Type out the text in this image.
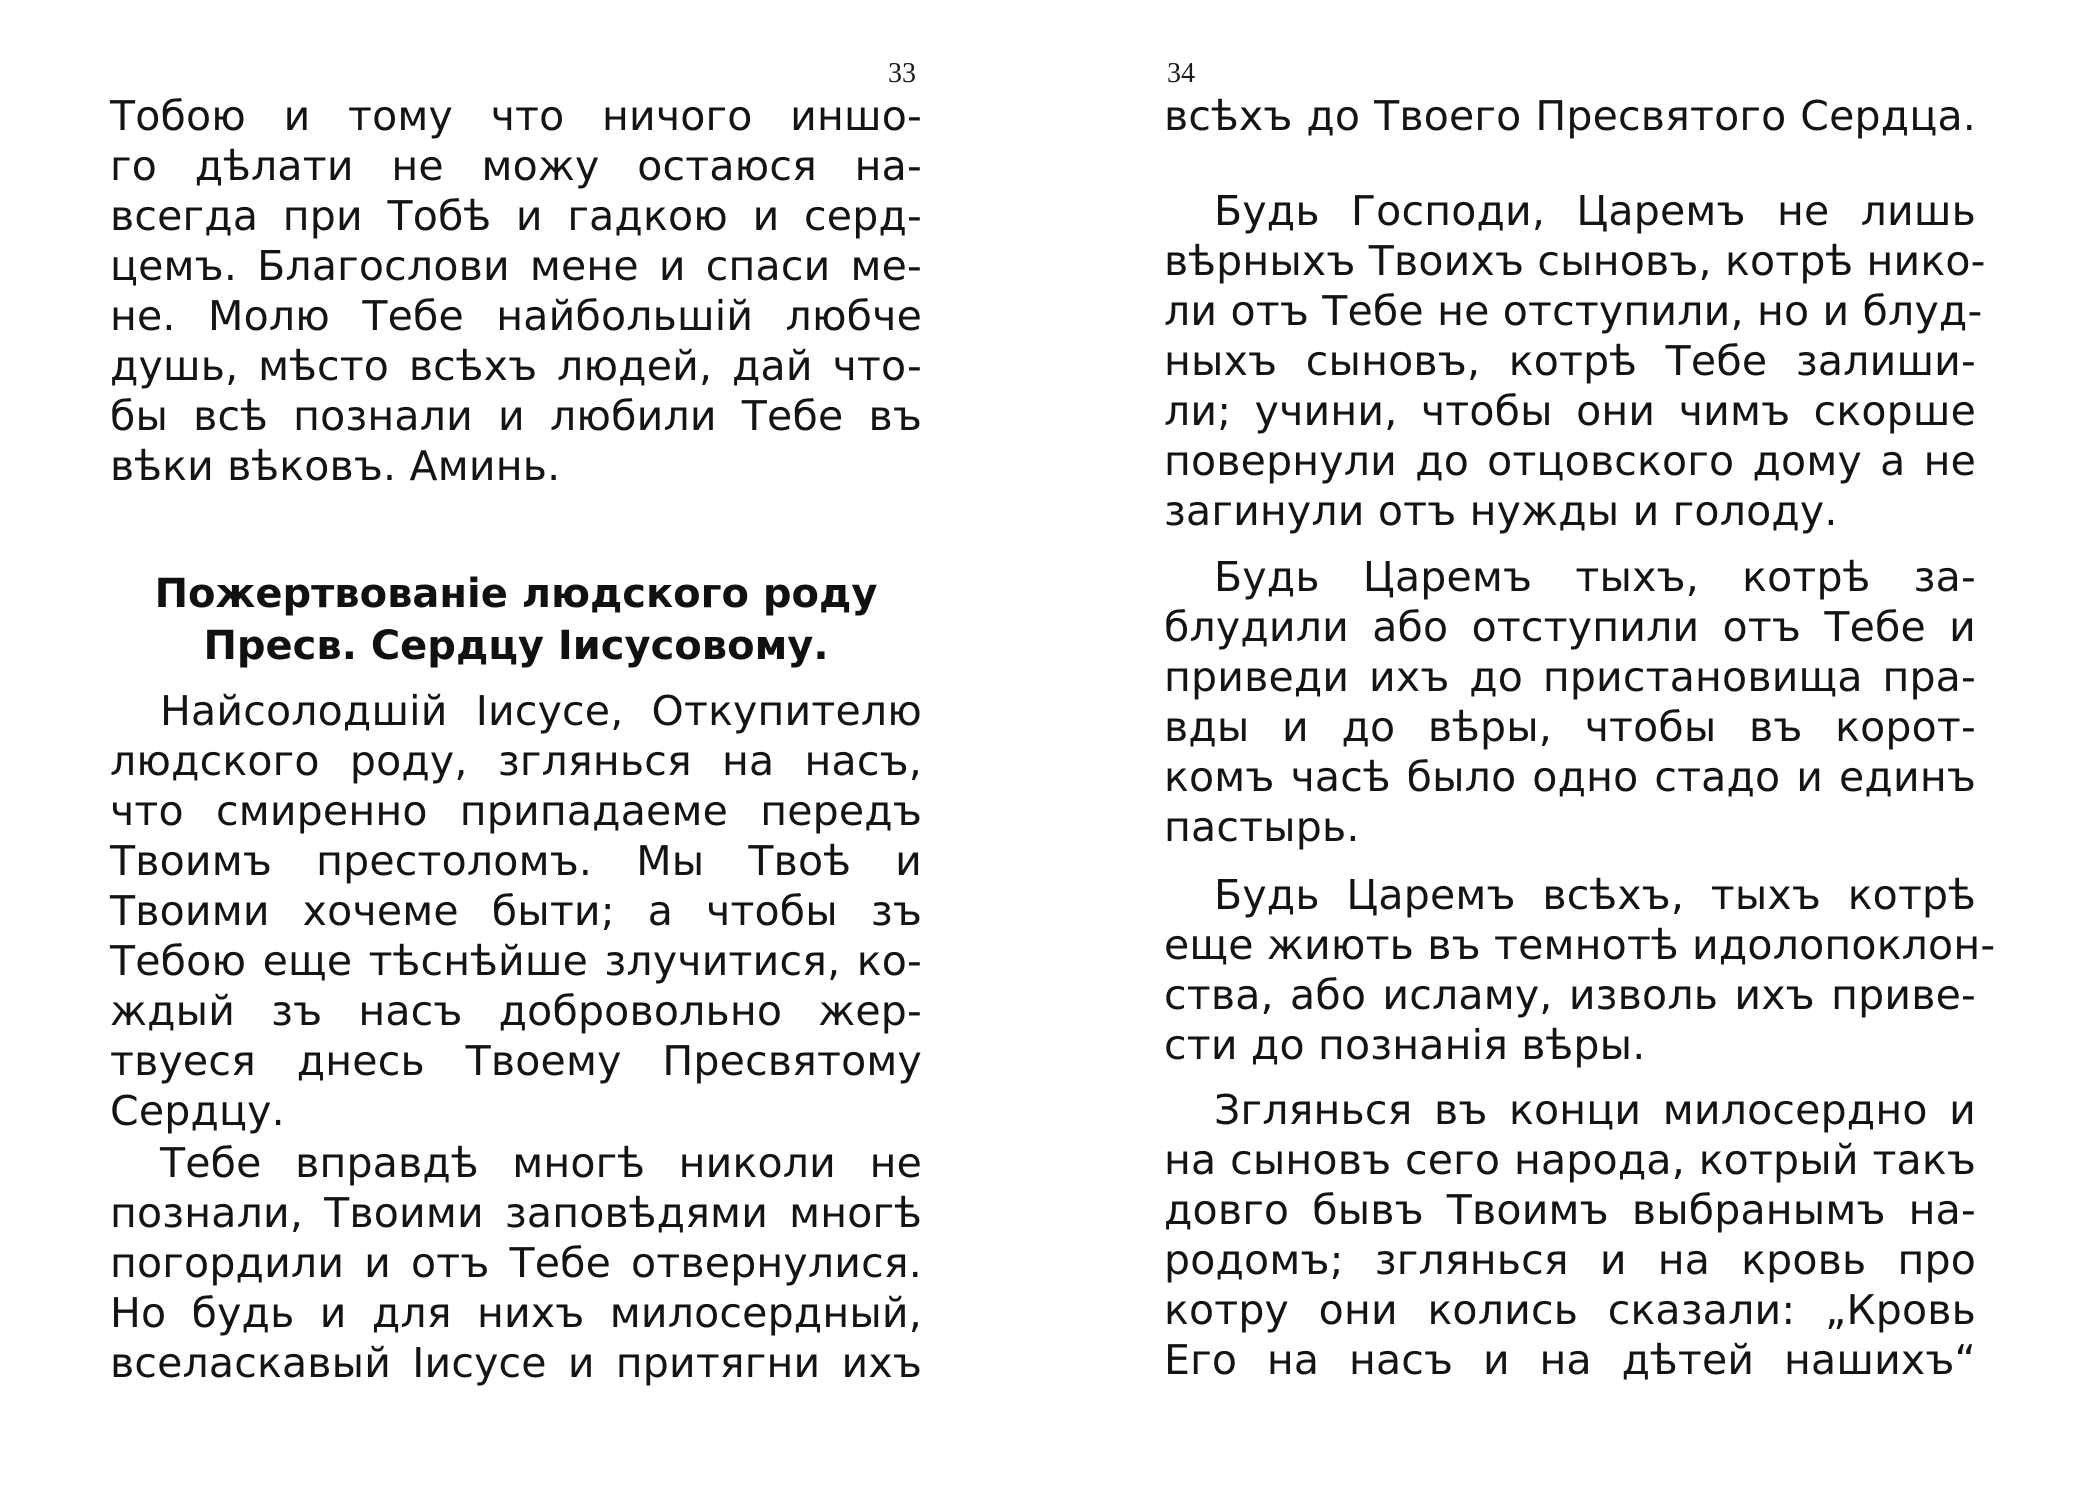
33
Тобою и тому что ничого иншо-
го дѣлати не можу остаюся на-
всегда при Тобѣ и гадкою и серд-
цемъ. Благослови мене и спаси ме-
не. Молю Тебе найбольшій любче
душь, мѣсто всѣхъ людей, дай чтo-
бы всѣ познали и любили Тебе въ
вѣки вѣковъ. Аминь.
Пожертвованіе людского роду
Пресв. Сердцу Іисусовому.
Найсолодшій Іисусе, Откупителю
людского роду, зглянься на насъ,
что смиренно припадаеме передъ
Твоимъ престоломъ. Мы Твоѣ и
Твоими хочеме быти; а чтобы зъ
Тебою еще тѣснѣйше злучитися, ко-
ждый зъ насъ добровольно жер-
твуеся днесь Твоему Пресвятому
Сердцу.
Тебе вправдѣ многѣ николи не
познали, Твоими заповѣдями многѣ
погордили и отъ Тебе отвернулися.
Но будь и для нихъ милосердный,
вселаскавый Іисусе и притягни ихъ
34
всѣхъ до Твоего Пресвятого Сердца.
Будь Господи, Царемъ не лишь
вѣрныхъ Твоихъ сыновъ, котрѣ нико-
ли отъ Тебе не отступили, но и блуд-
ныхъ сыновъ, котрѣ Тебе залиши-
ли; учини, чтобы они чимъ скорше
повернули до отцовского дому а не
загинули отъ нужды и голоду.
Будь Царемъ тыхъ, котрѣ за-
блудили або отступили отъ Тебе и
приведи ихъ до пристановища пра-
вды и до вѣры, чтобы въ корот-
комъ часѣ было одно стадо и единъ
пастырь.
Будь Царемъ всѣхъ, тыхъ котрѣ
еще жиють въ темнотѣ идолопоклон-
ства, або исламу, изволь ихъ приве-
сти до познанія вѣры.
Зглянься въ конци милосердно и
на сыновъ сего народа, котрый такъ
довго бывъ Твоимъ выбранымъ на-
родомъ; зглянься и на кровь про
котру они колись сказали: „Кровь
Его на насъ и на дѣтей нашихъ“
